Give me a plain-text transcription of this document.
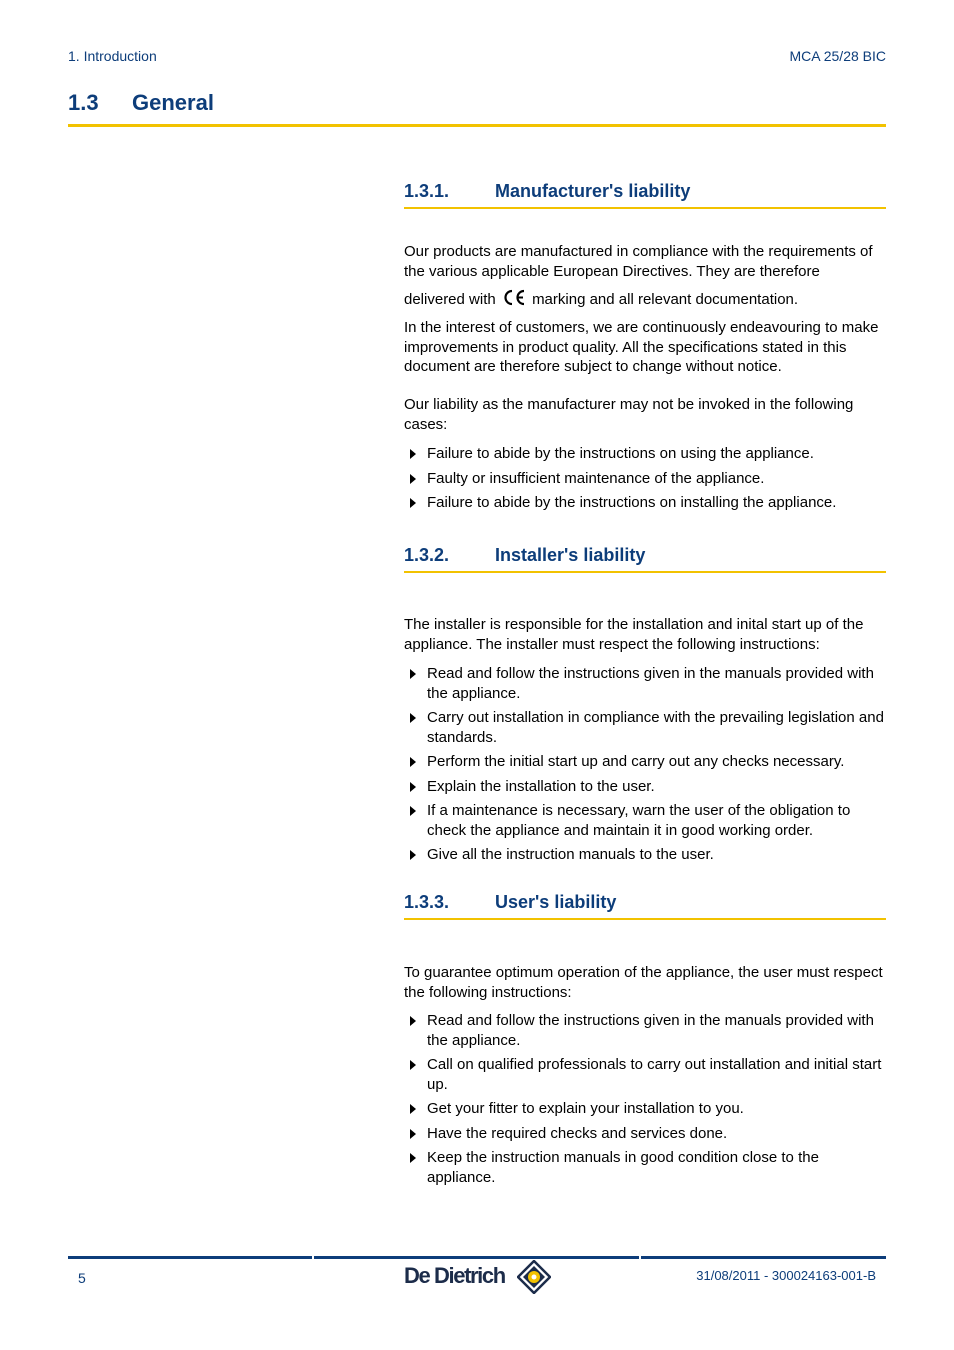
1. Introduction	MCA 25/28 BIC
1.3 General
1.3.1.	Manufacturer's liability
Our products are manufactured in compliance with the requirements of the various applicable European Directives. They are therefore
delivered with marking and all relevant documentation.
In the interest of customers, we are continuously endeavouring to make improvements in product quality. All the specifications stated in this document are therefore subject to change without notice.
Our liability as the manufacturer may not be invoked in the following cases:
Failure to abide by the instructions on using the appliance.
Faulty or insufficient maintenance of the appliance.
Failure to abide by the instructions on installing the appliance.
1.3.2.	Installer's liability
The installer is responsible for the installation and inital start up of the appliance. The installer must respect the following instructions:
Read and follow the instructions given in the manuals provided with the appliance.
Carry out installation in compliance with the prevailing legislation and standards.
Perform the initial start up and carry out any checks necessary.
Explain the installation to the user.
If a maintenance is necessary, warn the user of the obligation to check the appliance and maintain it in good working order.
Give all the instruction manuals to the user.
1.3.3.	User's liability
To guarantee optimum operation of the appliance, the user must respect the following instructions:
Read and follow the instructions given in the manuals provided with the appliance.
Call on qualified professionals to carry out installation and initial start up.
Get your fitter to explain your installation to you.
Have the required checks and services done.
Keep the instruction manuals in good condition close to the appliance.
5	De Dietrich	31/08/2011 - 300024163-001-B
